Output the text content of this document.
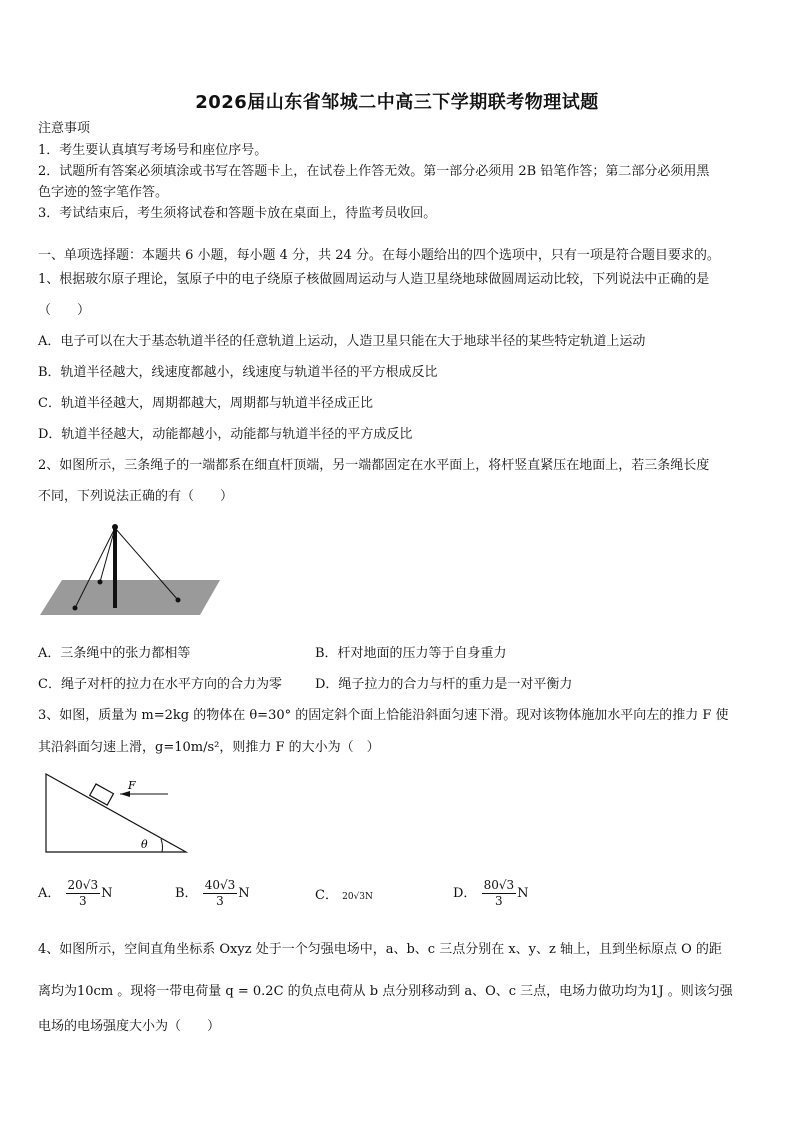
2026届山东省邹城二中高三下学期联考物理试题
注意事项
1．考生要认真填写考场号和座位序号。
2．试题所有答案必须填涂或书写在答题卡上，在试卷上作答无效。第一部分必须用 2B 铅笔作答；第二部分必须用黑
色字迹的签字笔作答。
3．考试结束后，考生须将试卷和答题卡放在桌面上，待监考员收回。
一、单项选择题：本题共 6 小题，每小题 4 分，共 24 分。在每小题给出的四个选项中，只有一项是符合题目要求的。
1、根据玻尔原子理论，氢原子中的电子绕原子核做圆周运动与人造卫星绕地球做圆周运动比较，下列说法中正确的是
（　　）
A．电子可以在大于基态轨道半径的任意轨道上运动，人造卫星只能在大于地球半径的某些特定轨道上运动
B．轨道半径越大，线速度都越小，线速度与轨道半径的平方根成反比
C．轨道半径越大，周期都越大，周期都与轨道半径成正比
D．轨道半径越大，动能都越小，动能都与轨道半径的平方成反比
2、如图所示，三条绳子的一端都系在细直杆顶端，另一端都固定在水平面上，将杆竖直紧压在地面上，若三条绳长度
不同，下列说法正确的有（　　）
A．三条绳中的张力都相等	B．杆对地面的压力等于自身重力
C．绳子对杆的拉力在水平方向的合力为零	D．绳子拉力的合力与杆的重力是一对平衡力
3、如图，质量为 m=2kg 的物体在 θ=30° 的固定斜个面上恰能沿斜面匀速下滑。现对该物体施加水平向左的推力 F 使
其沿斜面匀速上滑，g=10m/s²，则推力 F 的大小为（　）
F
θ
A． $\frac{20√3}{3}$ N	B． $\frac{40√3}{3}$ N	C． 20√3N	D． $\frac{80√3}{3}$ N
4、如图所示，空间直角坐标系 Oxyz 处于一个匀强电场中，a、b、c 三点分别在 x、y、z 轴上，且到坐标原点 O 的距
离均为10cm 。现将一带电荷量 q = 0.2C 的负点电荷从 b 点分别移动到 a、O、c 三点，电场力做功均为1J 。则该匀强
电场的电场强度大小为（　　）
